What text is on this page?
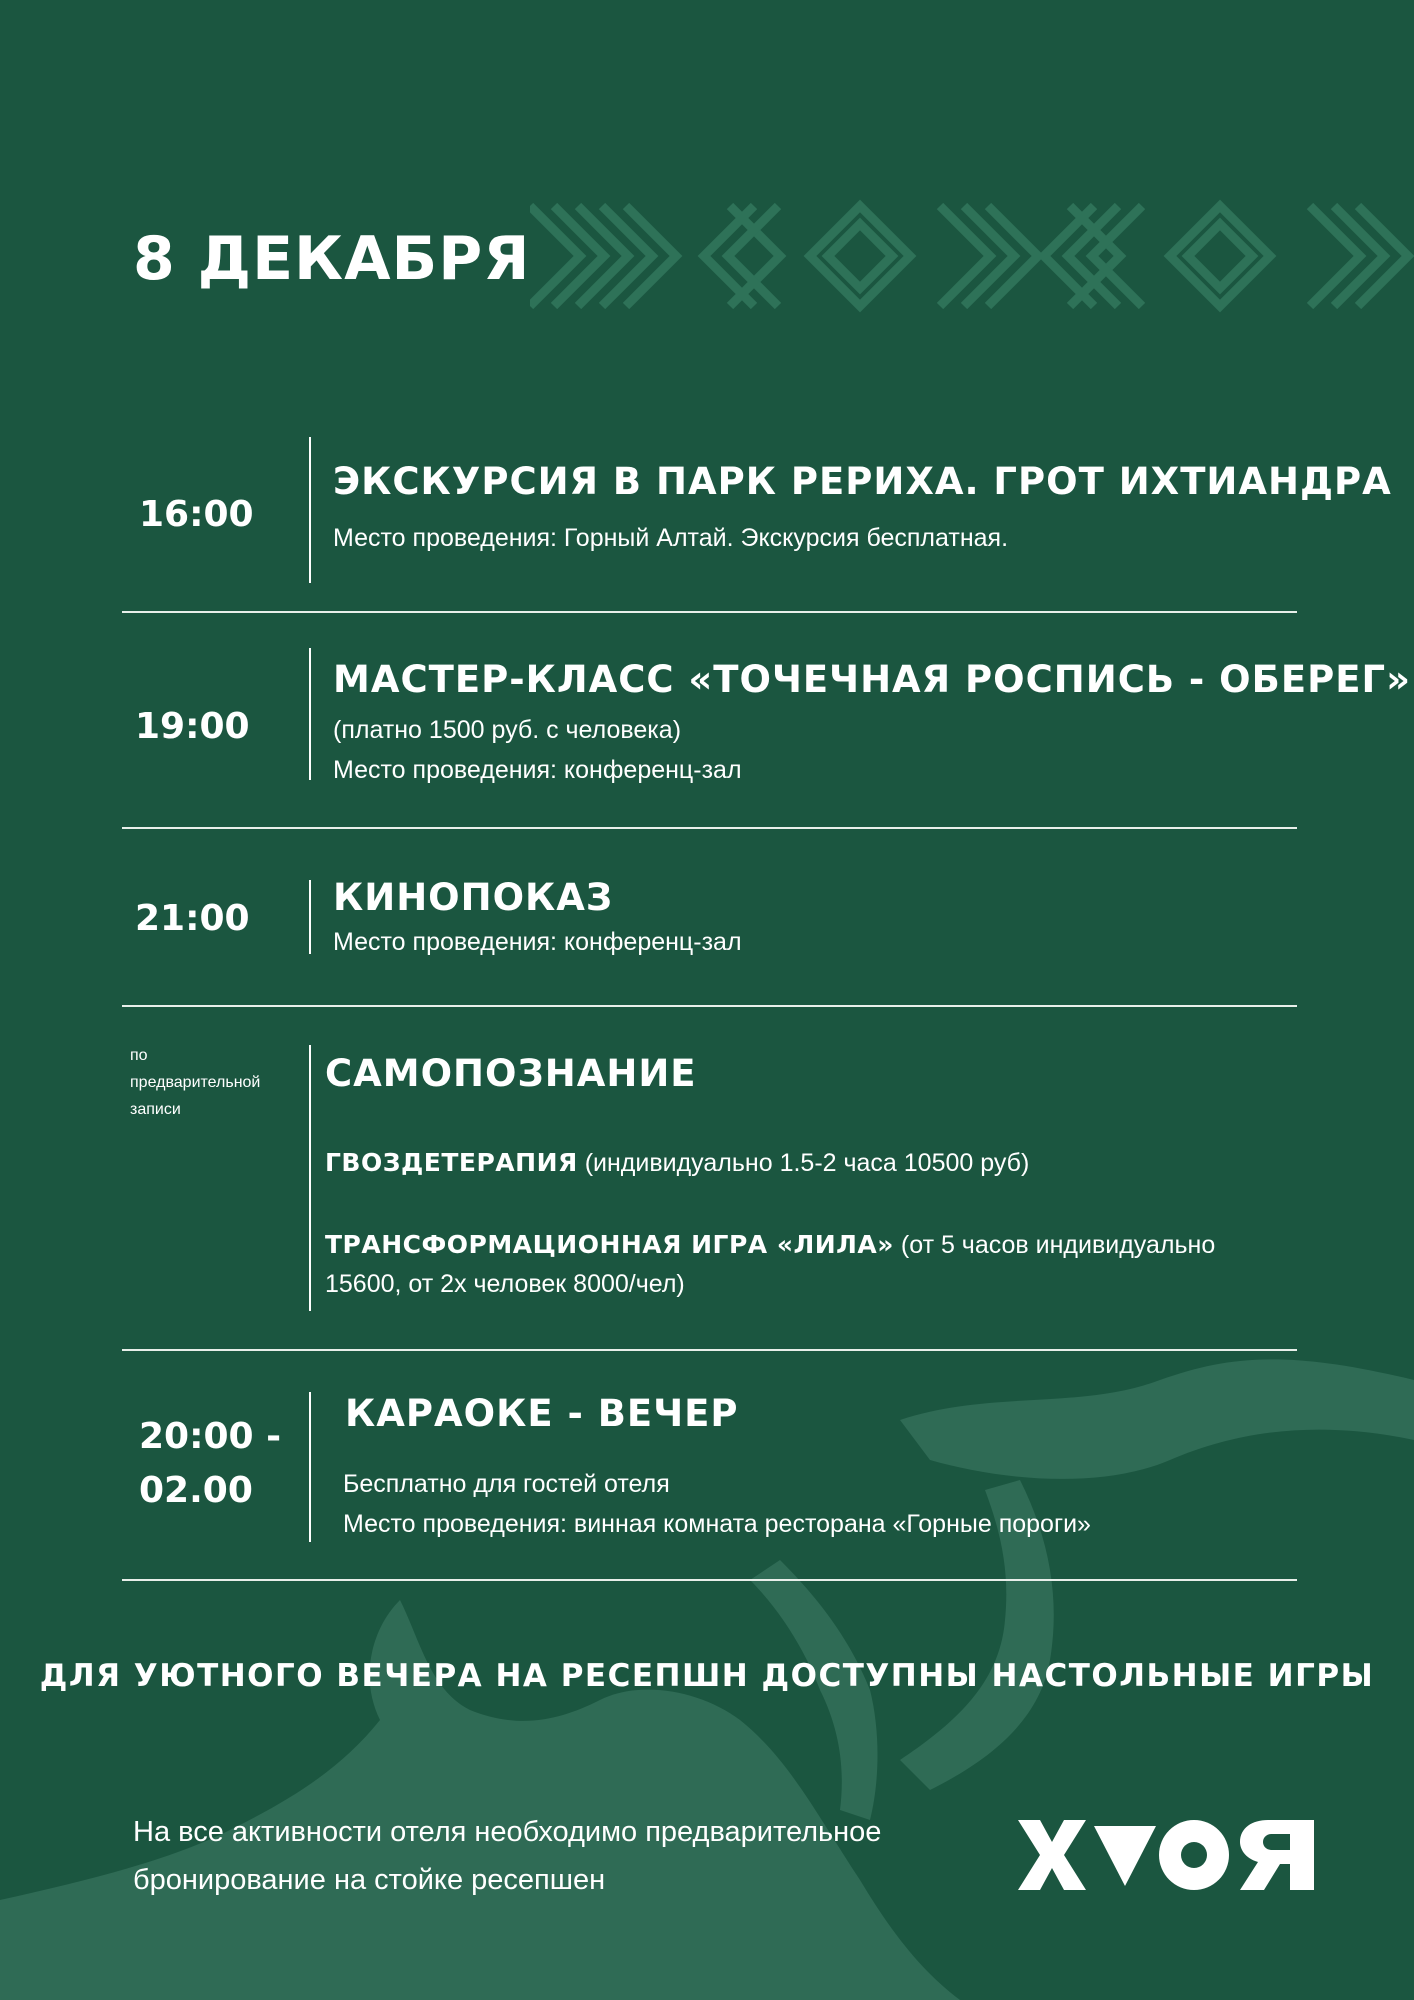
8 ДЕКАБРЯ
16:00
ЭКСКУРСИЯ В ПАРК РЕРИХА. ГРОТ ИХТИАНДРА
Место проведения: Горный Алтай. Экскурсия бесплатная.
19:00
МАСТЕР-КЛАСС «ТОЧЕЧНАЯ РОСПИСЬ - ОБЕРЕГ»
(платно 1500 руб. с человека)
Место проведения: конференц-зал
21:00 КИНОПОКАЗ
Место проведения: конференц-зал
по
предварительной
записи
САМОПОЗНАНИЕ
ГВОЗДЕТЕРАПИЯ (индивидуально 1.5-2 часа 10500 руб)
ТРАНСФОРМАЦИОННАЯ ИГРА «ЛИЛА» (от 5 часов индивидуально
15600, от 2х человек 8000/чел)
20:00 -
02.00
КАРАОКЕ - ВЕЧЕР
Бесплатно для гостей отеля
Место проведения: винная комната ресторана «Горные пороги»
ДЛЯ УЮТНОГО ВЕЧЕРА НА РЕСЕПШН ДОСТУПНЫ НАСТОЛЬНЫЕ ИГРЫ
На все активности отеля необходимо предварительное
бронирование на стойке ресепшен
